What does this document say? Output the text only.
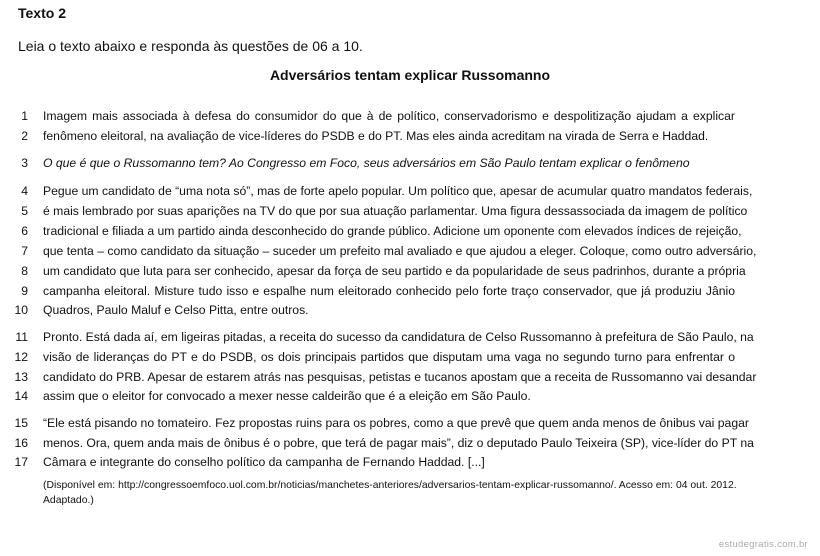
Texto 2
Leia o texto abaixo e responda às questões de 06 a 10.
Adversários tentam explicar Russomanno
1 Imagem mais associada à defesa do consumidor do que à de político, conservadorismo e despolitização ajudam a explicar
2 fenômeno eleitoral, na avaliação de vice-líderes do PSDB e do PT. Mas eles ainda acreditam na virada de Serra e Haddad.
3 O que é que o Russomanno tem? Ao Congresso em Foco, seus adversários em São Paulo tentam explicar o fenômeno
4 Pegue um candidato de “uma nota só”, mas de forte apelo popular. Um político que, apesar de acumular quatro mandatos federais,
5 é mais lembrado por suas aparições na TV do que por sua atuação parlamentar. Uma figura dessassociada da imagem de político
6 tradicional e filiada a um partido ainda desconhecido do grande público. Adicione um oponente com elevados índices de rejeição,
7 que tenta – como candidato da situação – suceder um prefeito mal avaliado e que ajudou a eleger. Coloque, como outro adversário,
8 um candidato que luta para ser conhecido, apesar da força de seu partido e da popularidade de seus padrinhos, durante a própria
9 campanha eleitoral. Misture tudo isso e espalhe num eleitorado conhecido pelo forte traço conservador, que já produziu Jânio
10 Quadros, Paulo Maluf e Celso Pitta, entre outros.
11 Pronto. Está dada aí, em ligeiras pitadas, a receita do sucesso da candidatura de Celso Russomanno à prefeitura de São Paulo, na
12 visão de lideranças do PT e do PSDB, os dois principais partidos que disputam uma vaga no segundo turno para enfrentar o
13 candidato do PRB. Apesar de estarem atrás nas pesquisas, petistas e tucanos apostam que a receita de Russomanno vai desandar
14 assim que o eleitor for convocado a mexer nesse caldeirão que é a eleição em São Paulo.
15 “Ele está pisando no tomateiro. Fez propostas ruins para os pobres, como a que prevê que quem anda menos de ônibus vai pagar
16 menos. Ora, quem anda mais de ônibus é o pobre, que terá de pagar mais”, diz o deputado Paulo Teixeira (SP), vice-líder do PT na
17 Câmara e integrante do conselho político da campanha de Fernando Haddad. [...]
(Disponível em: http://congressoemfoco.uol.com.br/noticias/manchetes-anteriores/adversarios-tentam-explicar-russomanno/. Acesso em: 04 out. 2012. Adaptado.)
estudegratis.com.br
